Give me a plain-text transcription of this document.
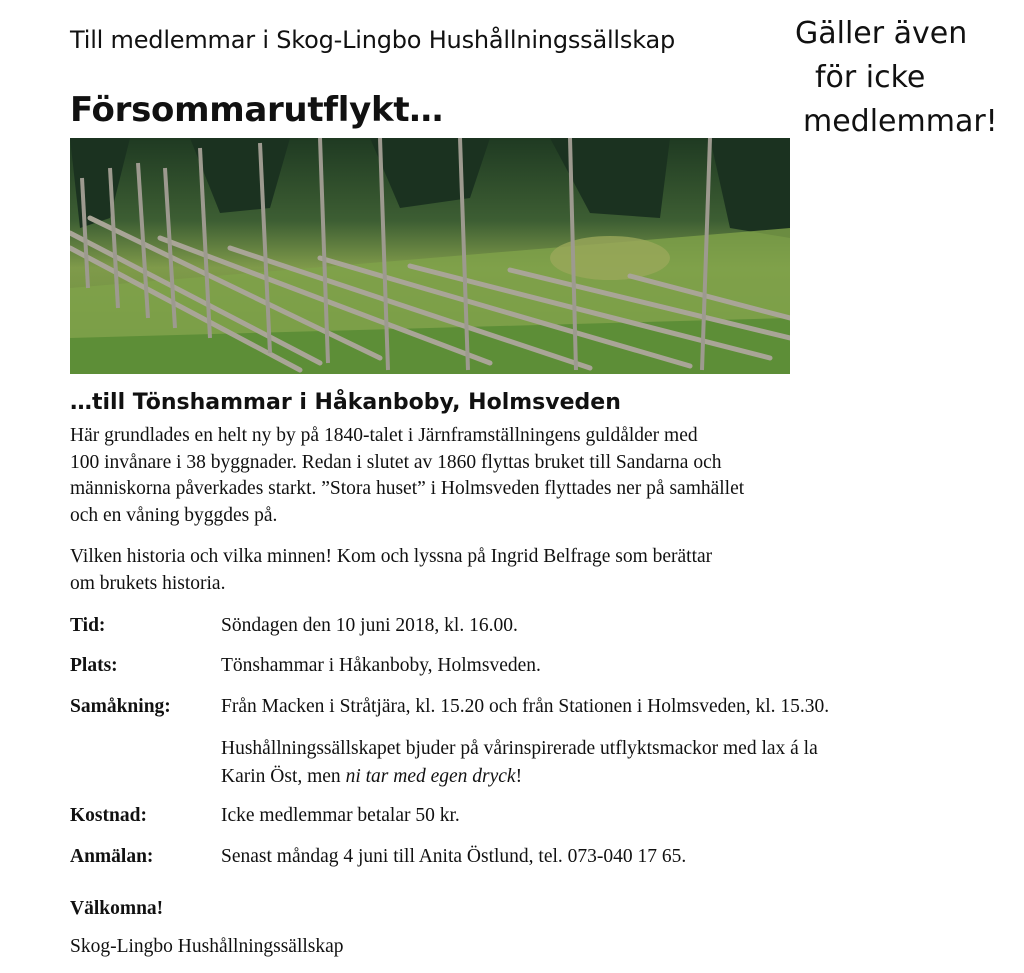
Till medlemmar i Skog-Lingbo Hushållningssällskap
Försommarutflykt…
Gäller även
för icke
medlemmar!
…till Tönshammar i Håkanboby, Holmsveden
Här grundlades en helt ny by på 1840-talet i Järnframställningens guldålder med
100 invånare i 38 byggnader. Redan i slutet av 1860 flyttas bruket till Sandarna och
människorna påverkades starkt. ”Stora huset” i Holmsveden flyttades ner på samhället
och en våning byggdes på.
Vilken historia och vilka minnen! Kom och lyssna på Ingrid Belfrage som berättar
om brukets historia.
Tid:	Söndagen den 10 juni 2018, kl. 16.00.
Plats:	Tönshammar i Håkanboby, Holmsveden.
Samåkning:	Från Macken i Stråtjära, kl. 15.20 och från Stationen i Holmsveden, kl. 15.30.
Hushållningssällskapet bjuder på vårinspirerade utflyktsmackor med lax á la
Karin Öst, men ni tar med egen dryck!
Kostnad:	Icke medlemmar betalar 50 kr.
Anmälan:	Senast måndag 4 juni till Anita Östlund, tel. 073-040 17 65.
Välkomna!
Skog-Lingbo Hushållningssällskap
